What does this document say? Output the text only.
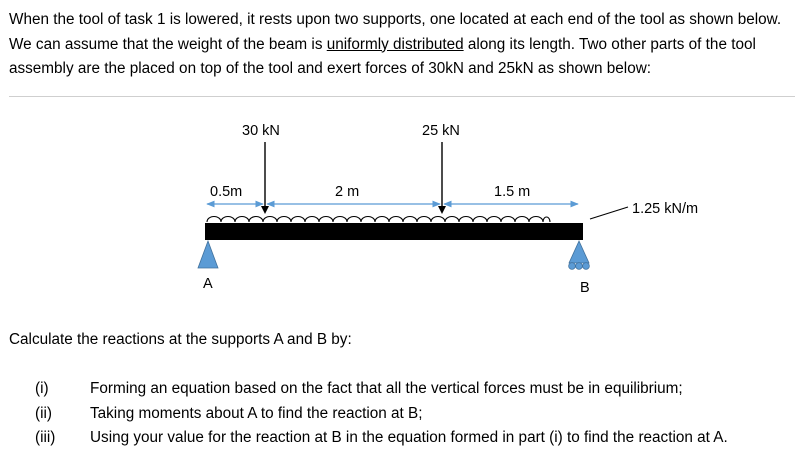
When the tool of task 1 is lowered, it rests upon two supports, one located at each end of the tool as shown below. We can assume that the weight of the beam is uniformly distributed along its length. Two other parts of the tool assembly are the placed on top of the tool and exert forces of 30kN and 25kN as shown below:
30 kN	25 kN
0.5m	2 m	1.5 m
1.25 kN/m
A	B
Calculate the reactions at the supports A and B by:
(i)	Forming an equation based on the fact that all the vertical forces must be in equilibrium;
(ii)	Taking moments about A to find the reaction at B;
(iii)	Using your value for the reaction at B in the equation formed in part (i) to find the reaction at A.
